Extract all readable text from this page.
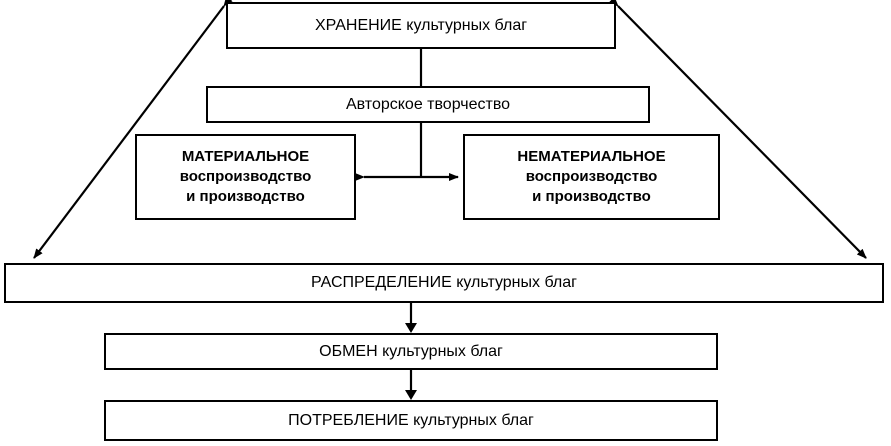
ХРАНЕНИЕ культурных благ
Авторское творчество
МАТЕРИАЛЬНОЕ
воспроизводство
и производство
НЕМАТЕРИАЛЬНОЕ
воспроизводство
и производство
РАСПРЕДЕЛЕНИЕ культурных благ
ОБМЕН культурных благ
ПОТРЕБЛЕНИЕ культурных благ
